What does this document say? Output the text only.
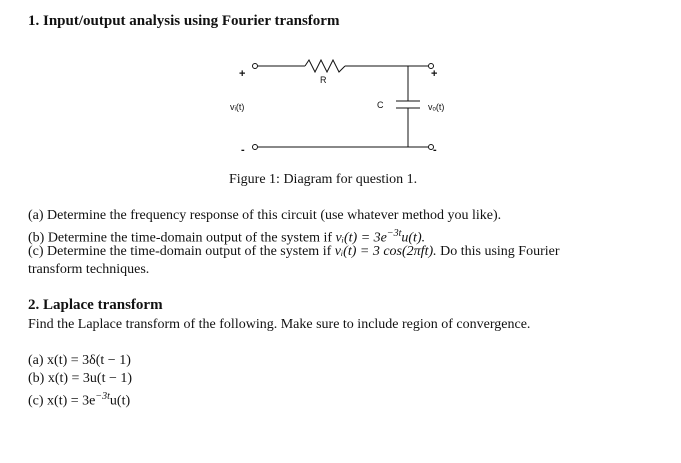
1. Input/output analysis using Fourier transform
+
-
+
-
vᵢ(t)	vₒ(t)
R
C
Figure 1: Diagram for question 1.
(a) Determine the frequency response of this circuit (use whatever method you like).
(b) Determine the time-domain output of the system if vᵢ(t) = $3e^{-3t}u(t)$.
(c) Determine the time-domain output of the system if vᵢ(t) = 3 cos(2πft). Do this using Fourier
transform techniques.
2. Laplace transform
Find the Laplace transform of the following. Make sure to include region of convergence.
(a) x(t) = 3δ(t − 1)
(b) x(t) = 3u(t − 1)
(c) $x(t) = 3e^{-3t}u(t)$
